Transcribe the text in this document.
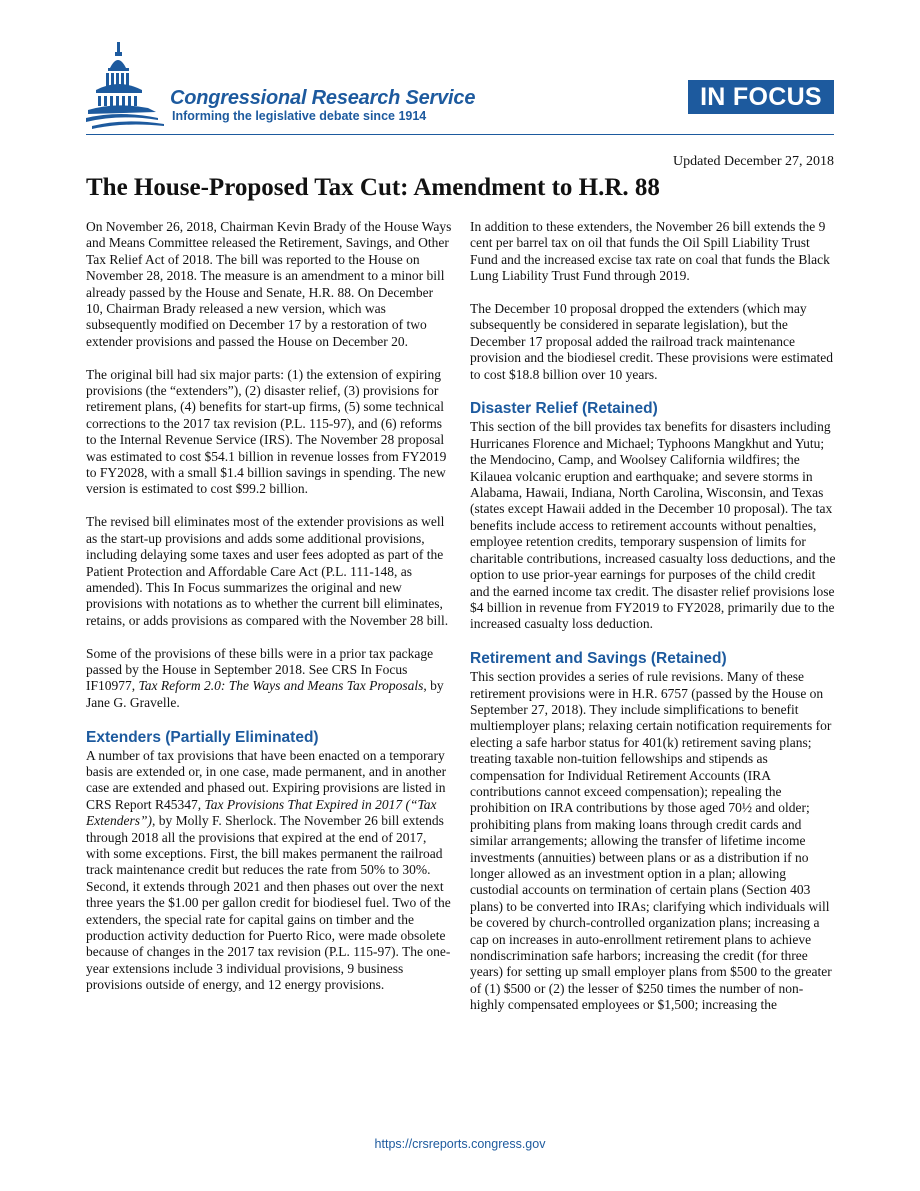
Congressional Research Service
Informing the legislative debate since 1914
IN FOCUS
Updated December 27, 2018
The House-Proposed Tax Cut: Amendment to H.R. 88

On November 26, 2018, Chairman Kevin Brady of the House Ways and Means Committee released the Retirement, Savings, and Other Tax Relief Act of 2018. The bill was reported to the House on November 28, 2018. The measure is an amendment to a minor bill already passed by the House and Senate, H.R. 88. On December 10, Chairman Brady released a new version, which was subsequently modified on December 17 by a restoration of two extender provisions and passed the House on December 20.

The original bill had six major parts: (1) the extension of expiring provisions (the “extenders”), (2) disaster relief, (3) provisions for retirement plans, (4) benefits for start-up firms, (5) some technical corrections to the 2017 tax revision (P.L. 115-97), and (6) reforms to the Internal Revenue Service (IRS). The November 28 proposal was estimated to cost $54.1 billion in revenue losses from FY2019 to FY2028, with a small $1.4 billion savings in spending. The new version is estimated to cost $99.2 billion.

The revised bill eliminates most of the extender provisions as well as the start-up provisions and adds some additional provisions, including delaying some taxes and user fees adopted as part of the Patient Protection and Affordable Care Act (P.L. 111-148, as amended). This In Focus summarizes the original and new provisions with notations as to whether the current bill eliminates, retains, or adds provisions as compared with the November 28 bill.

Some of the provisions of these bills were in a prior tax package passed by the House in September 2018. See CRS In Focus IF10977, Tax Reform 2.0: The Ways and Means Tax Proposals, by Jane G. Gravelle.

Extenders (Partially Eliminated)

A number of tax provisions that have been enacted on a temporary basis are extended or, in one case, made permanent, and in another case are extended and phased out. Expiring provisions are listed in CRS Report R45347, Tax Provisions That Expired in 2017 (“Tax Extenders”), by Molly F. Sherlock. The November 26 bill extends through 2018 all the provisions that expired at the end of 2017, with some exceptions. First, the bill makes permanent the railroad track maintenance credit but reduces the rate from 50% to 30%. Second, it extends through 2021 and then phases out over the next three years the $1.00 per gallon credit for biodiesel fuel. Two of the extenders, the special rate for capital gains on timber and the production activity deduction for Puerto Rico, were made obsolete because of changes in the 2017 tax revision (P.L. 115-97). The one-year extensions include 3 individual provisions, 9 business provisions outside of energy, and 12 energy provisions.

In addition to these extenders, the November 26 bill extends the 9 cent per barrel tax on oil that funds the Oil Spill Liability Trust Fund and the increased excise tax rate on coal that funds the Black Lung Liability Trust Fund through 2019.

The December 10 proposal dropped the extenders (which may subsequently be considered in separate legislation), but the December 17 proposal added the railroad track maintenance provision and the biodiesel credit. These provisions were estimated to cost $18.8 billion over 10 years.

Disaster Relief (Retained)

This section of the bill provides tax benefits for disasters including Hurricanes Florence and Michael; Typhoons Mangkhut and Yutu; the Mendocino, Camp, and Woolsey California wildfires; the Kilauea volcanic eruption and earthquake; and severe storms in Alabama, Hawaii, Indiana, North Carolina, Wisconsin, and Texas (states except Hawaii added in the December 10 proposal). The tax benefits include access to retirement accounts without penalties, employee retention credits, temporary suspension of limits for charitable contributions, increased casualty loss deductions, and the option to use prior-year earnings for purposes of the child credit and the earned income tax credit. The disaster relief provisions lose $4 billion in revenue from FY2019 to FY2028, primarily due to the increased casualty loss deduction.

Retirement and Savings (Retained)

This section provides a series of rule revisions. Many of these retirement provisions were in H.R. 6757 (passed by the House on September 27, 2018). They include simplifications to benefit multiemployer plans; relaxing certain notification requirements for electing a safe harbor status for 401(k) retirement saving plans; treating taxable non-tuition fellowships and stipends as compensation for Individual Retirement Accounts (IRA contributions cannot exceed compensation); repealing the prohibition on IRA contributions by those aged 70½ and older; prohibiting plans from making loans through credit cards and similar arrangements; allowing the transfer of lifetime income investments (annuities) between plans or as a distribution if no longer allowed as an investment option in a plan; allowing custodial accounts on termination of certain plans (Section 403 plans) to be converted into IRAs; clarifying which individuals will be covered by church-controlled organization plans; increasing a cap on increases in auto-enrollment retirement plans to achieve nondiscrimination safe harbors; increasing the credit (for three years) for setting up small employer plans from $500 to the greater of (1) $500 or (2) the lesser of $250 times the number of non-highly compensated employees or $1,500; increasing the

https://crsreports.congress.gov
